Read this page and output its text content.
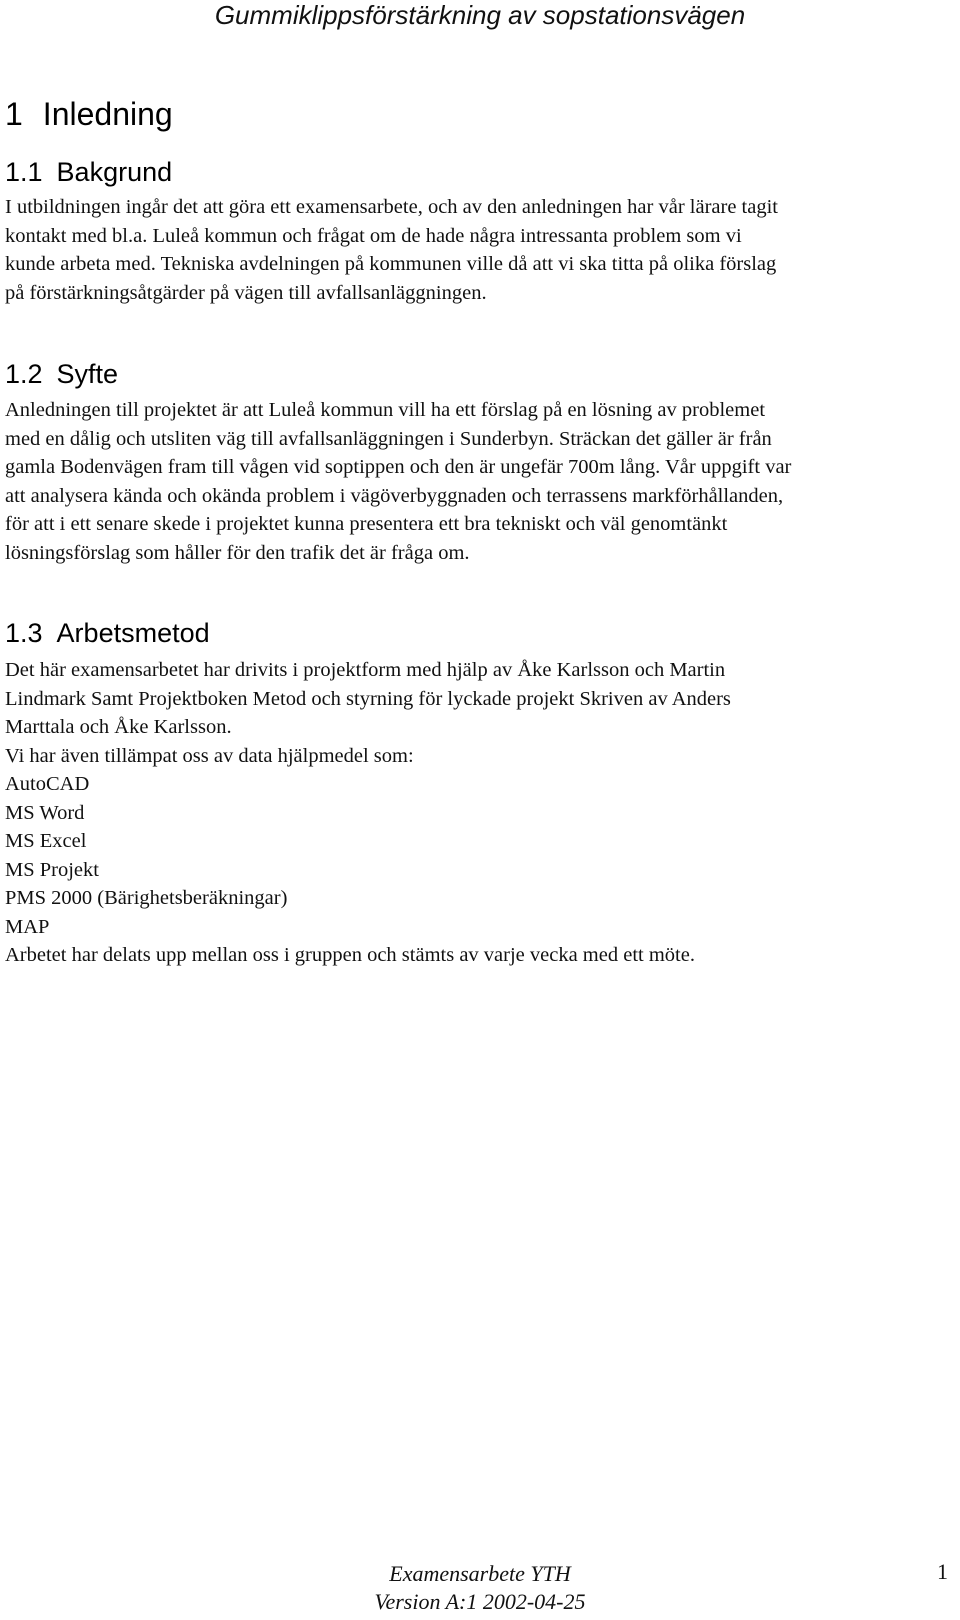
Gummiklippsförstärkning av sopstationsvägen
1 Inledning
1.1 Bakgrund

I utbildningen ingår det att göra ett examensarbete, och av den anledningen har vår lärare tagit

kontakt med bl.a. Luleå kommun och frågat om de hade några intressanta problem som vi

kunde arbeta med. Tekniska avdelningen på kommunen ville då att vi ska titta på olika förslag

på förstärkningsåtgärder på vägen till avfallsanläggningen.

1.2 Syfte

Anledningen till projektet är att Luleå kommun vill ha ett förslag på en lösning av problemet

med en dålig och utsliten väg till avfallsanläggningen i Sunderbyn. Sträckan det gäller är från

gamla Bodenvägen fram till vågen vid soptippen och den är ungefär 700m lång. Vår uppgift var

att analysera kända och okända problem i vägöverbyggnaden och terrassens markförhållanden,

för att i ett senare skede i projektet kunna presentera ett bra tekniskt och väl genomtänkt

lösningsförslag som håller för den trafik det är fråga om.

1.3 Arbetsmetod

Det här examensarbetet har drivits i projektform med hjälp av Åke Karlsson och Martin

Lindmark Samt Projektboken Metod och styrning för lyckade projekt Skriven av Anders

Marttala och Åke Karlsson.

Vi har även tillämpat oss av data hjälpmedel som:

AutoCAD

MS Word

MS Excel

MS Projekt

PMS 2000 (Bärighetsberäkningar)

MAP

Arbetet har delats upp mellan oss i gruppen och stämts av varje vecka med ett möte.

Examensarbete YTH
Version A:1 2002-04-25
1
